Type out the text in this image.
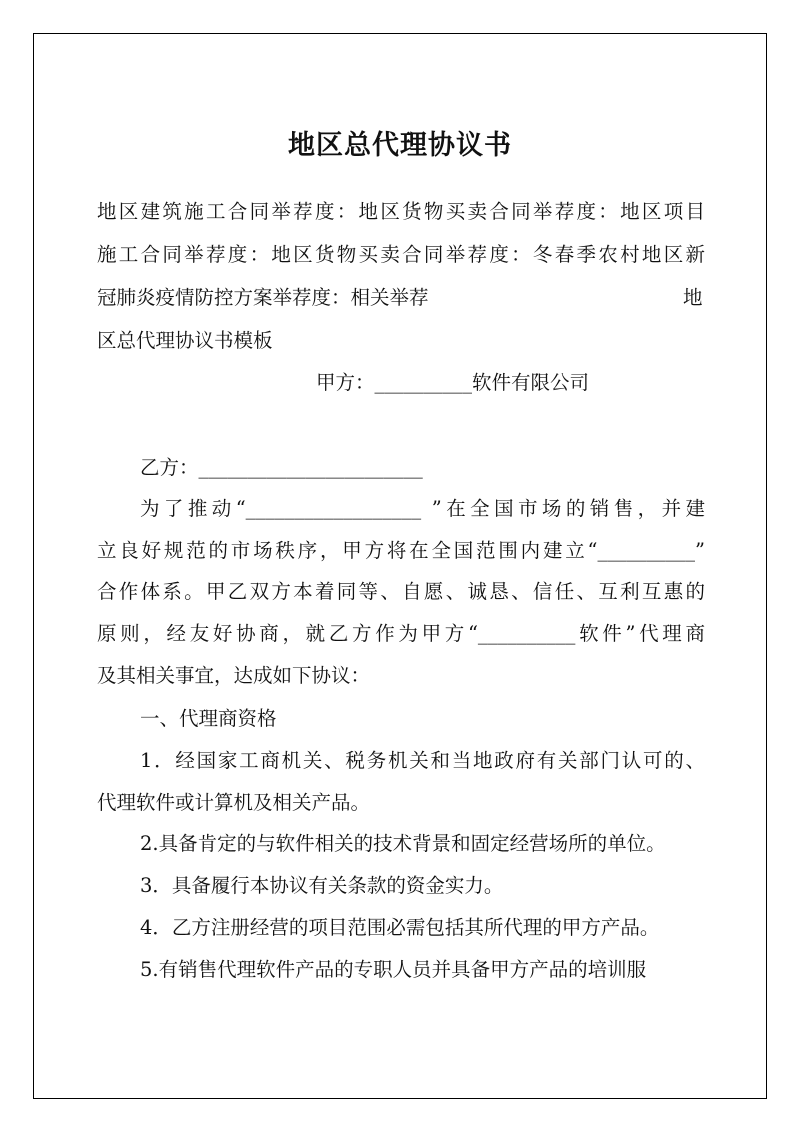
地区总代理协议书
地区建筑施工合同举荐度：地区货物买卖合同举荐度：地区项目
施工合同举荐度：地区货物买卖合同举荐度：冬春季农村地区新
冠肺炎疫情防控方案举荐度：相关举荐	地
区总代理协议书模板
甲方：__________软件有限公司
乙方：_______________________
为了推动“__________________ ”在全国市场的销售，并建
立良好规范的市场秩序，甲方将在全国范围内建立“__________”
合作体系。甲乙双方本着同等、自愿、诚恳、信任、互利互惠的
原则，经友好协商，就乙方作为甲方“__________软件”代理商
及其相关事宜，达成如下协议：
一、代理商资格
1．经国家工商机关、税务机关和当地政府有关部门认可的、
代理软件或计算机及相关产品。
2.具备肯定的与软件相关的技术背景和固定经营场所的单位。
3．具备履行本协议有关条款的资金实力。
4．乙方注册经营的项目范围必需包括其所代理的甲方产品。
5.有销售代理软件产品的专职人员并具备甲方产品的培训服
